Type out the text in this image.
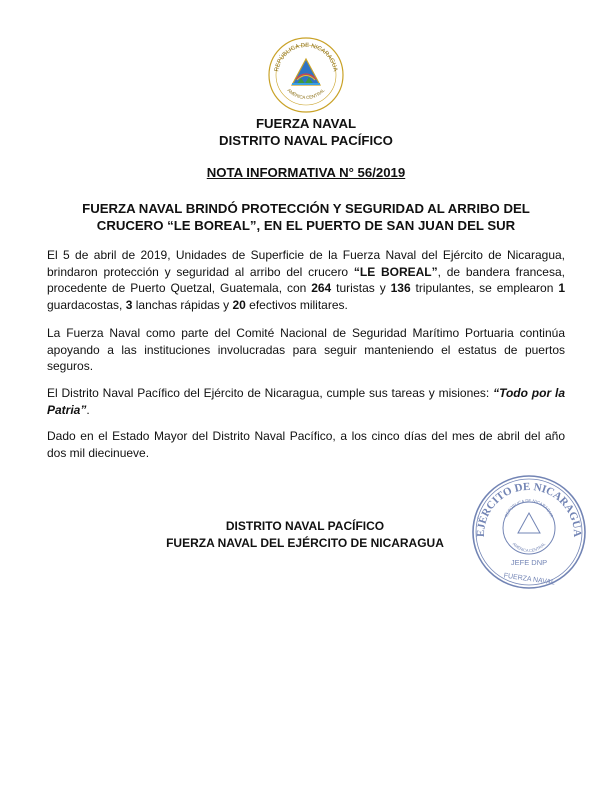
REPÚBLICA DE NICARAGUA
AMÉRICA CENTRAL
FUERZA NAVAL
DISTRITO NAVAL PACÍFICO
NOTA INFORMATIVA N° 56/2019
FUERZA NAVAL BRINDÓ PROTECCIÓN Y SEGURIDAD AL ARRIBO DEL
CRUCERO “LE BOREAL”, EN EL PUERTO DE SAN JUAN DEL SUR

El 5 de abril de 2019, Unidades de Superficie de la Fuerza Naval del Ejército de Nicaragua, brindaron protección y seguridad al arribo del crucero “LE BOREAL”, de bandera francesa, procedente de Puerto Quetzal, Guatemala, con 264 turistas y 136 tripulantes, se emplearon 1 guardacostas, 3 lanchas rápidas y 20 efectivos militares.

La Fuerza Naval como parte del Comité Nacional de Seguridad Marítimo Portuaria continúa apoyando a las instituciones involucradas para seguir manteniendo el estatus de puertos seguros.

El Distrito Naval Pacífico del Ejército de Nicaragua, cumple sus tareas y misiones: “Todo por la Patria”.

Dado en el Estado Mayor del Distrito Naval Pacífico, a los cinco días del mes de abril del año dos mil diecinueve.

DISTRITO NAVAL PACÍFICO
FUERZA NAVAL DEL EJÉRCITO DE NICARAGUA
EJÉRCITO DE NICARAGUA
REPÚBLICA DE NICARAGUA
AMÉRICA CENTRAL
JEFE DNP
FUERZA NAVAL
